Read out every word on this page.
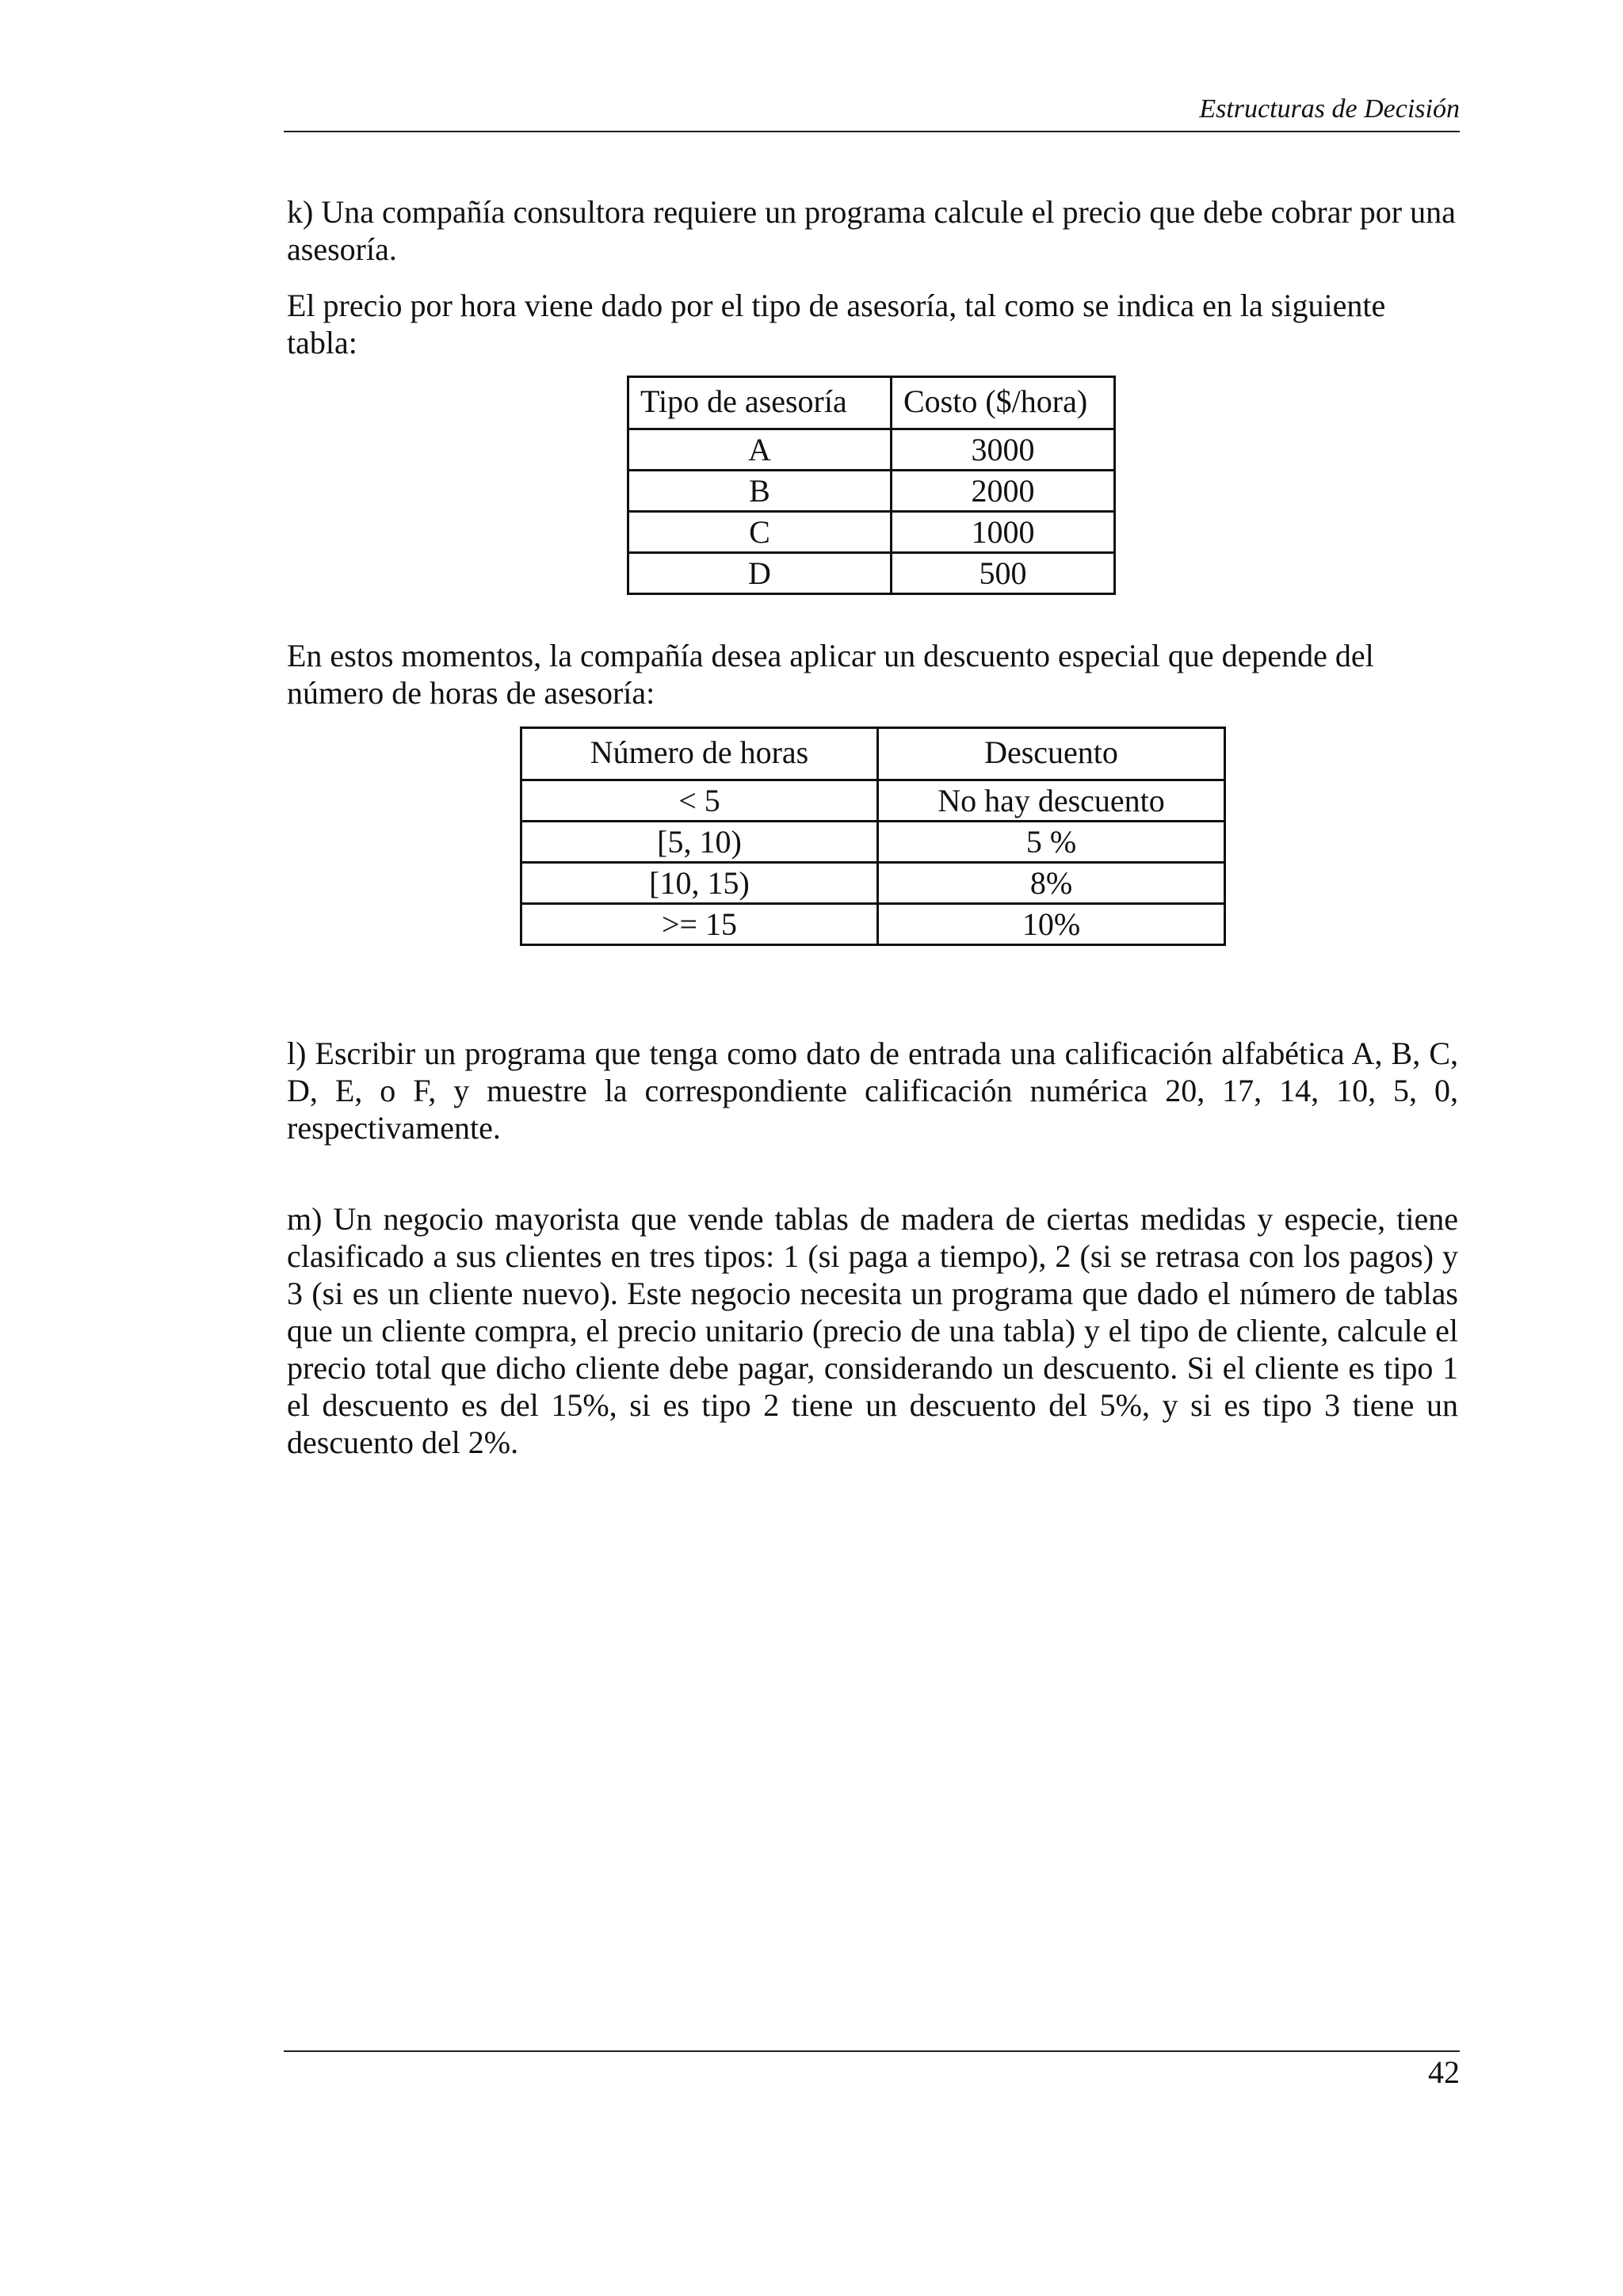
Estructuras de Decisión

k) Una compañía consultora requiere un programa calcule el precio que debe cobrar por una asesoría.

El precio por hora viene dado por el tipo de asesoría, tal como se indica en la siguiente tabla:

Tipo de asesoría	Costo ($/hora)
A	3000
B	2000
C	1000
D	500

En estos momentos, la compañía desea aplicar un descuento especial que depende del número de horas de asesoría:

Número de horas	Descuento
< 5	No hay descuento
[5, 10)	5 %
[10, 15)	8%
>= 15	10%

l) Escribir un programa que tenga como dato de entrada una calificación alfabética A, B, C, D, E, o F, y muestre la correspondiente calificación numérica 20, 17, 14, 10, 5, 0, respectivamente.

m) Un negocio mayorista que vende tablas de madera de ciertas medidas y especie, tiene clasificado a sus clientes en tres tipos: 1 (si paga a tiempo), 2 (si se retrasa con los pagos) y 3 (si es un cliente nuevo). Este negocio necesita un programa que dado el número de tablas que un cliente compra, el precio unitario (precio de una tabla) y el tipo de cliente, calcule el precio total que dicho cliente debe pagar, considerando un descuento. Si el cliente es tipo 1 el descuento es del 15%, si es tipo 2 tiene un descuento del 5%, y si es tipo 3 tiene un descuento del 2%.

42
